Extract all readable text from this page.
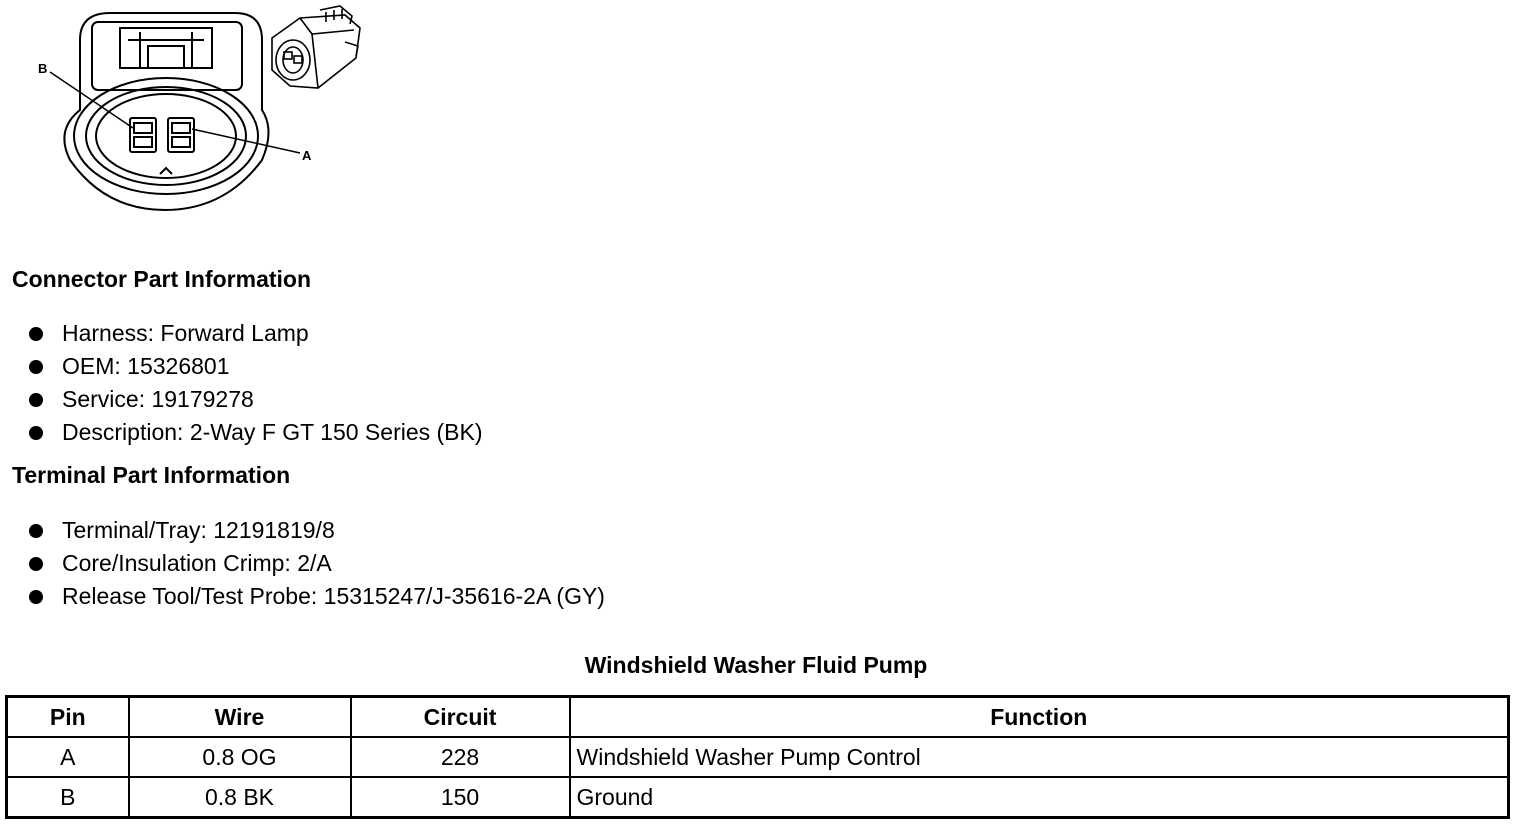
B
A
Connector Part Information
Harness: Forward Lamp
OEM: 15326801
Service: 19179278
Description: 2-Way F GT 150 Series (BK)
Terminal Part Information
Terminal/Tray: 12191819/8
Core/Insulation Crimp: 2/A
Release Tool/Test Probe: 15315247/J-35616-2A (GY)
Windshield Washer Fluid Pump
Pin	Wire	Circuit	Function
A	0.8 OG	228	Windshield Washer Pump Control
B	0.8 BK	150	Ground
